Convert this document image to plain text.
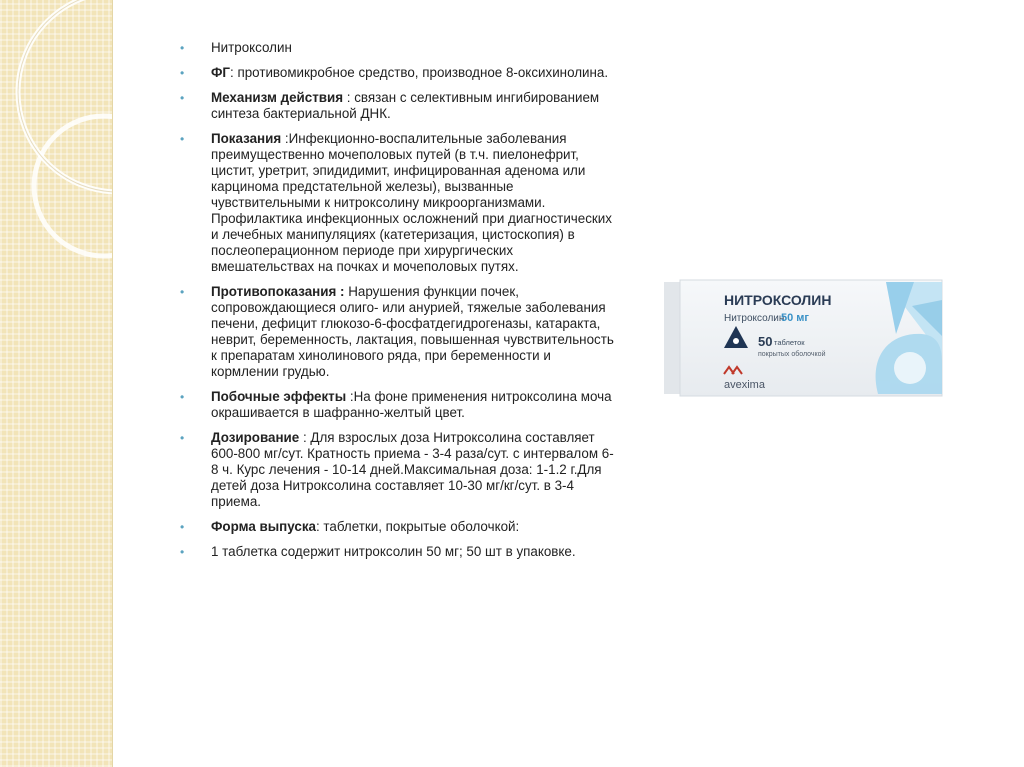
• Нитроксолин
• ФГ: противомикробное средство, производное 8-оксихинолина.
• Механизм действия : связан с селективным ингибированием синтеза бактериальной ДНК.
• Показания :Инфекционно-воспалительные заболевания преимущественно мочеполовых путей (в т.ч. пиелонефрит, цистит, уретрит, эпидидимит, инфицированная аденома или карцинома предстательной железы), вызванные чувствительными к нитроксолину микроорганизмами. Профилактика инфекционных осложнений при диагностических и лечебных манипуляциях (катетеризация, цистоскопия) в послеоперационном периоде при хирургических вмешательствах на почках и мочеполовых путях.
• Противопоказания : Нарушения функции почек, сопровождающиеся олиго- или анурией, тяжелые заболевания печени, дефицит глюкозо-6-фосфатдегидрогеназы, катаракта, неврит, беременность, лактация, повышенная чувствительность к препаратам хинолинового ряда, при беременности и кормлении грудью.
• Побочные эффекты :На фоне применения нитроксолина моча окрашивается в шафранно-желтый цвет.
• Дозирование : Для взрослых доза Нитроксолина составляет 600-800 мг/сут. Кратность приема - 3-4 раза/сут. с интервалом 6-8 ч. Курс лечения - 10-14 дней.Максимальная доза: 1-1.2 г.Для детей доза Нитроксолина составляет 10-30 мг/кг/сут. в 3-4 приема.
• Форма выпуска: таблетки, покрытые оболочкой:
• 1 таблетка содержит нитроксолин 50 мг; 50 шт в упаковке.
НИТРОКСОЛИН
Нитроксолин
50 мг
50 таблеток
покрытых оболочкой
avexima
